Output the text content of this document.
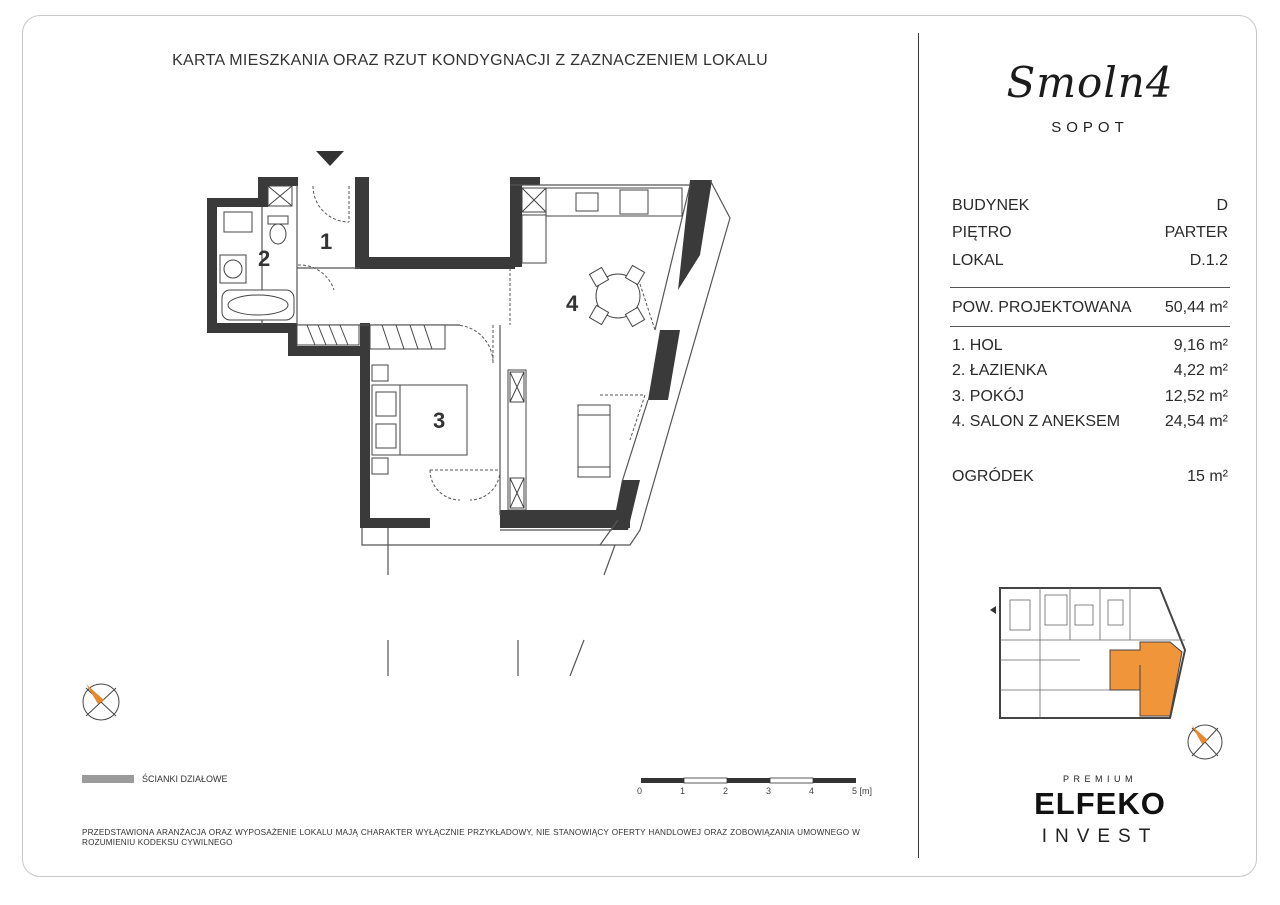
KARTA MIESZKANIA ORAZ RZUT KONDYGNACJI Z ZAZNACZENIEM LOKALU
1
2
3
4
ŚCIANKI DZIAŁOWE
0	1	2	3	4	5 [m]
PRZEDSTAWIONA ARANŻACJA ORAZ WYPOSAŻENIE LOKALU MAJĄ CHARAKTER WYŁĄCZNIE PRZYKŁADOWY, NIE STANOWIĄCY OFERTY HANDLOWEJ ORAZ ZOBOWIĄZANIA UMOWNEGO W ROZUMIENIU KODEKSU CYWILNEGO
Smoln4
SOPOT
BUDYNEK	D
PIĘTRO	PARTER
LOKAL	D.1.2
POW. PROJEKTOWANA 50,44 m²
1. HOL	9,16 m²
2. ŁAZIENKA	4,22 m²
3. POKÓJ	12,52 m²
4. SALON Z ANEKSEM	24,54 m²
OGRÓDEK	15 m²
PREMIUM
ELFEKO
INVEST
